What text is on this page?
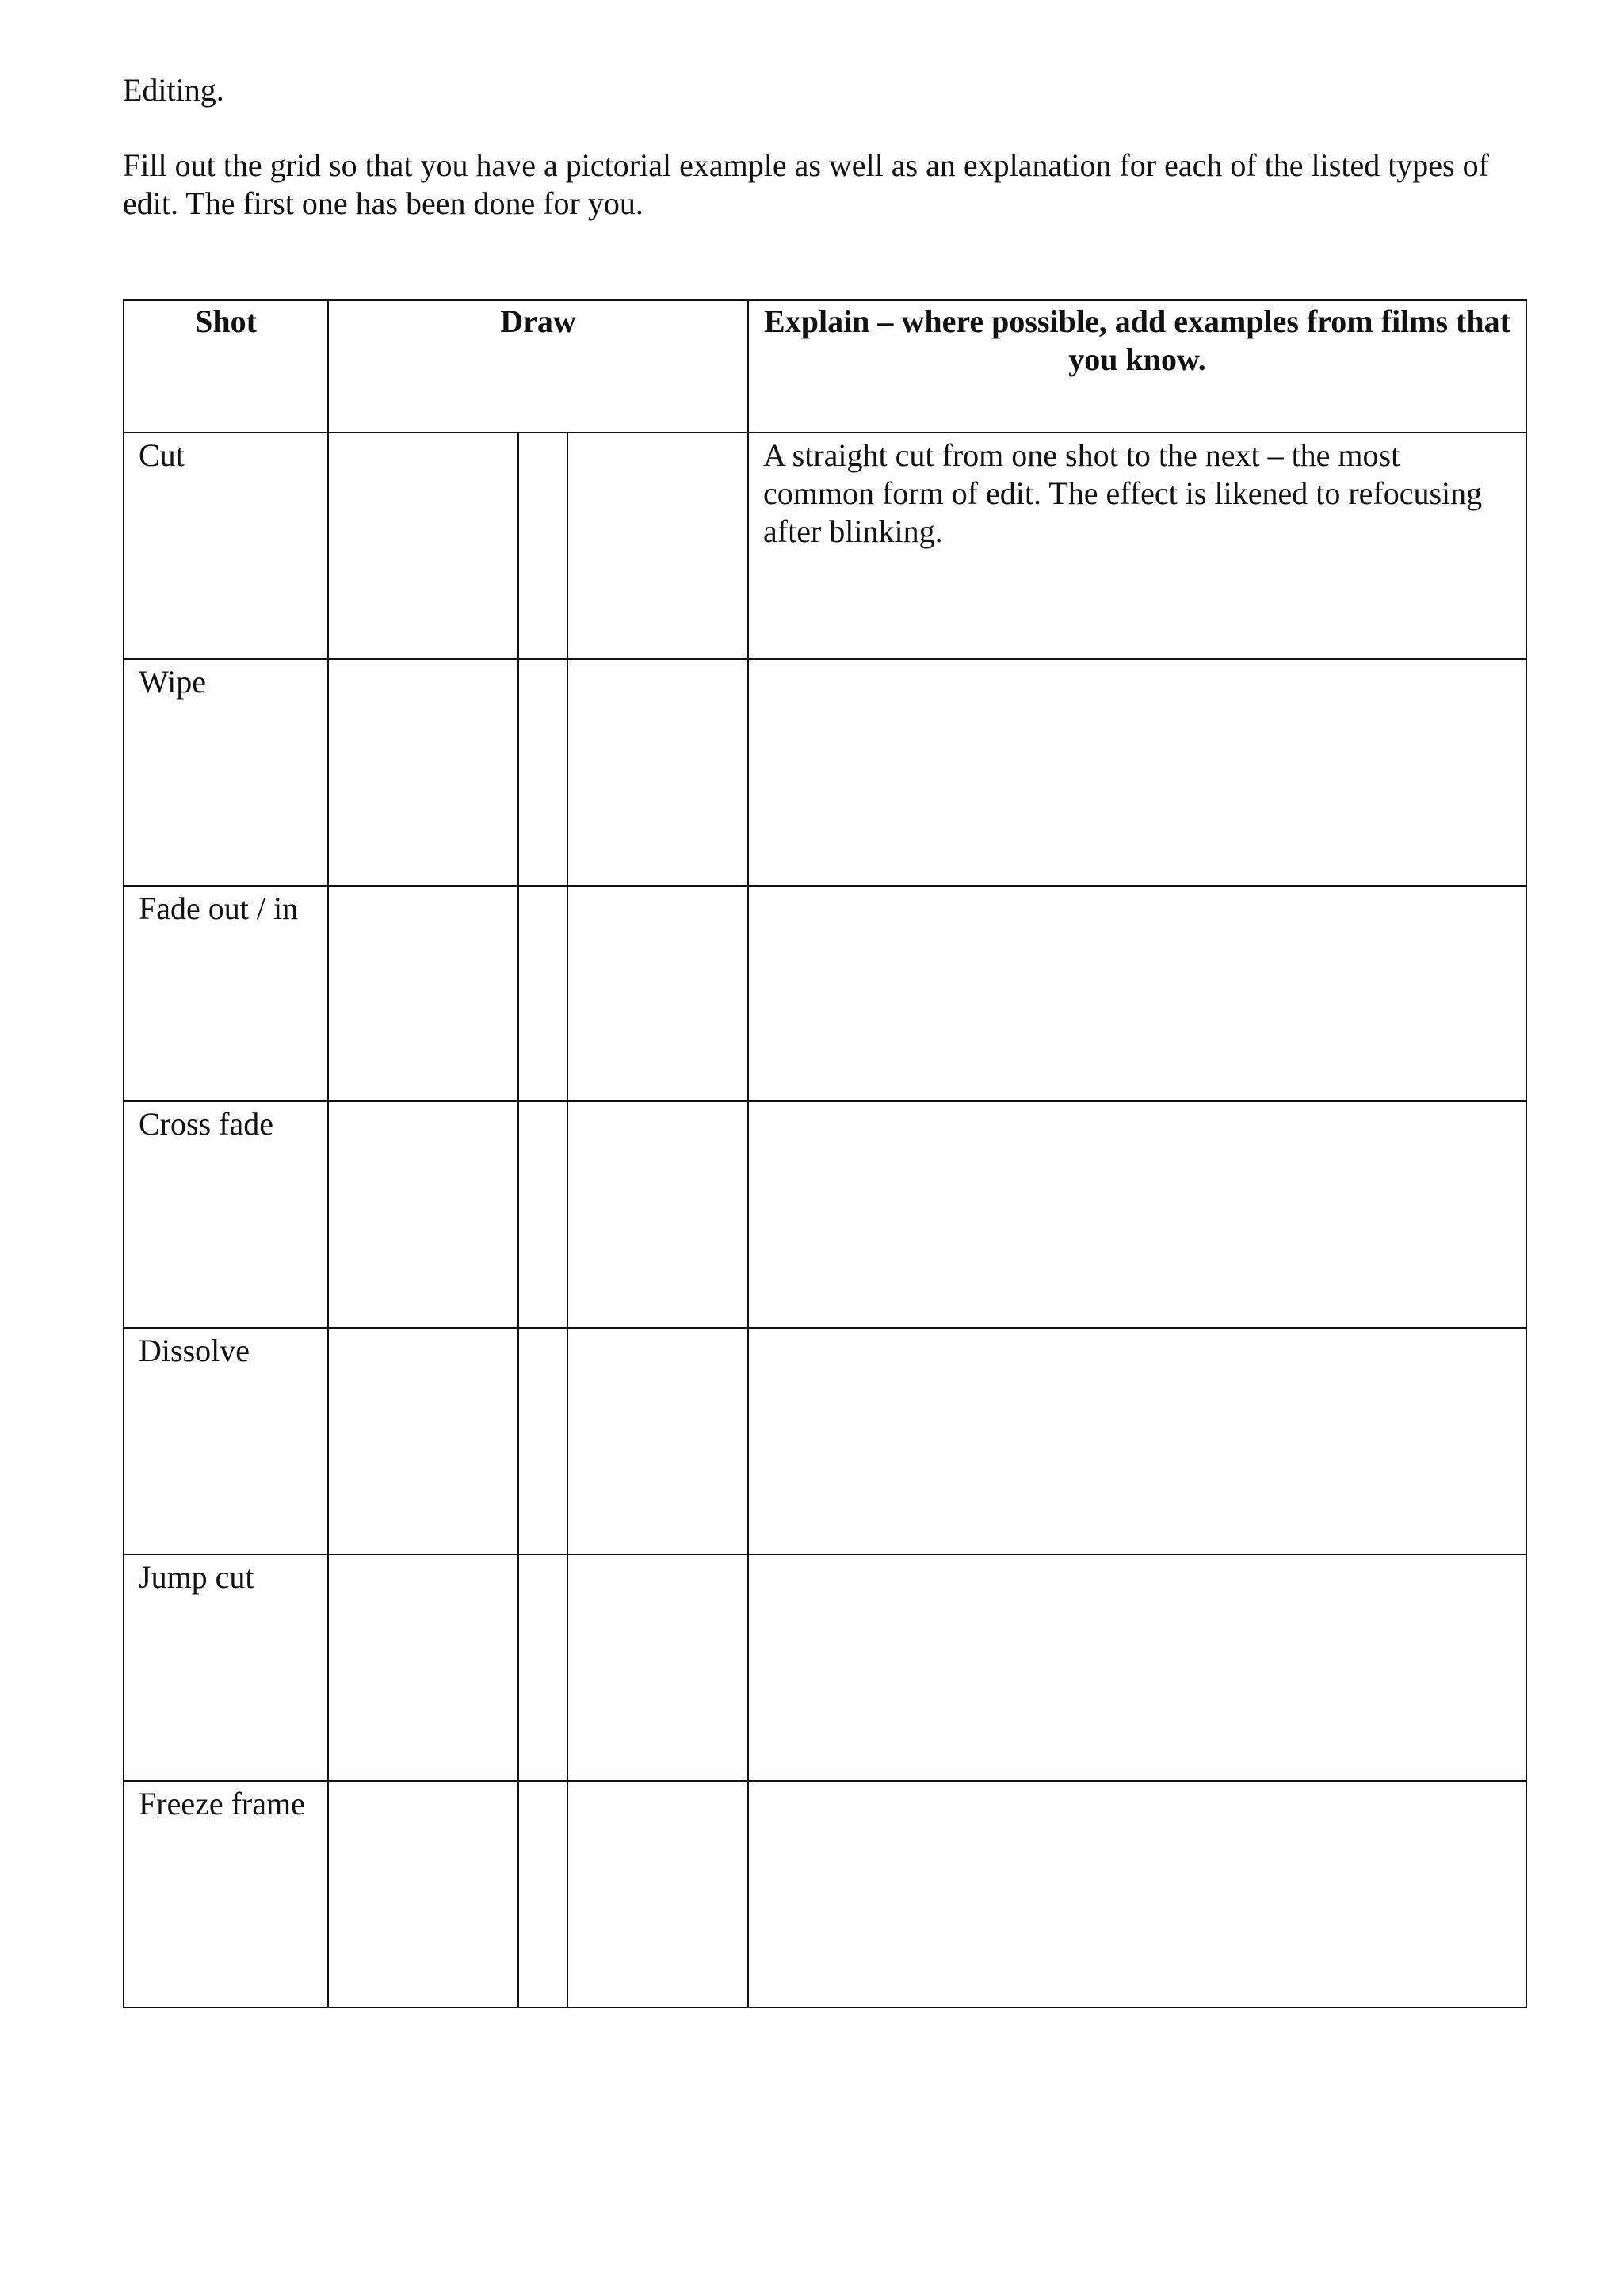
Editing.

Fill out the grid so that you have a pictorial example as well as an explanation for each of the listed types of edit. The first one has been done for you.

Shot	Draw			Explain – where possible, add examples from films that you know.

Cut				A straight cut from one shot to the next – the most common form of edit. The effect is likened to refocusing after blinking.

Wipe				

Fade out / in				

Cross fade				

Dissolve				

Jump cut				

Freeze frame				
